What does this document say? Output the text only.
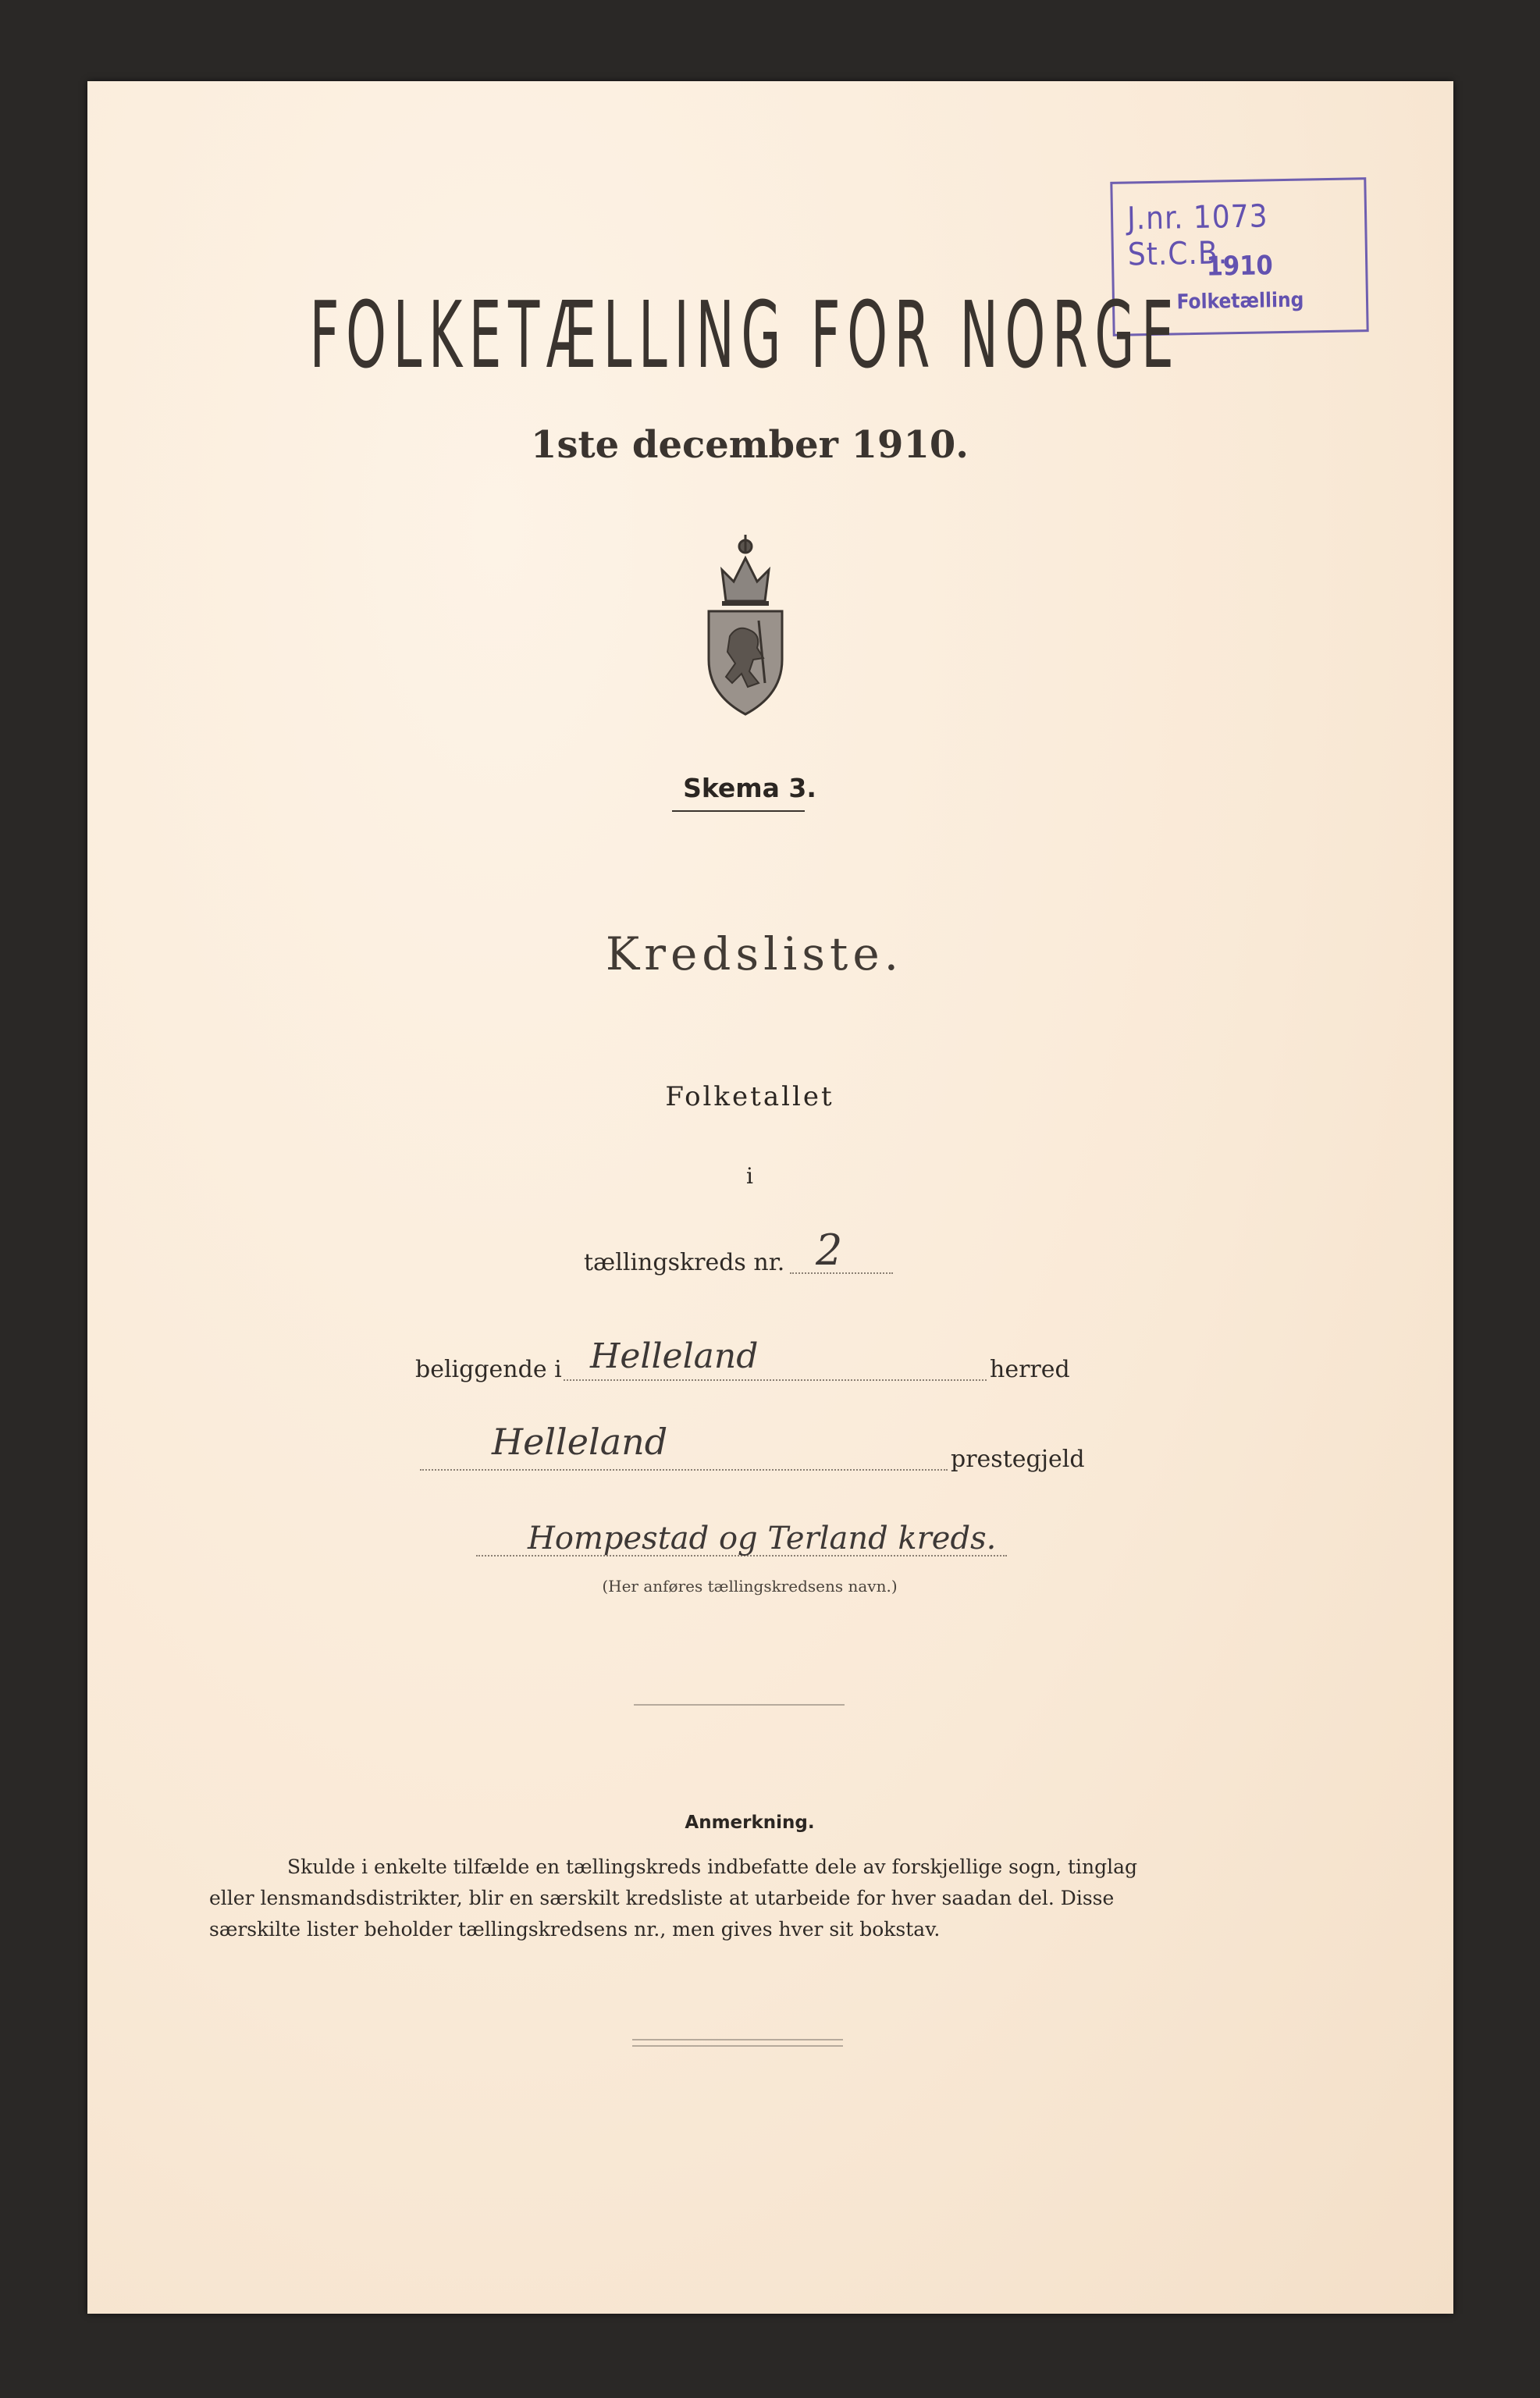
J.nr. 1073 St.C.B.
1910
Folketælling
FOLKETÆLLING FOR NORGE
1ste december 1910.
Skema 3.
Kredsliste.
Folketallet
i
tællingskreds nr. 2
beliggende i Helleland	herred
Helleland	prestegjeld
Hompestad og Terland kreds.
(Her anføres tællingskredsens navn.)
Anmerkning.

Skulde i enkelte tilfælde en tællingskreds indbefatte dele av forskjellige sogn, tinglag

eller lensmandsdistrikter, blir en særskilt kredsliste at utarbeide for hver saadan del. Disse

særskilte lister beholder tællingskredsens nr., men gives hver sit bokstav.
